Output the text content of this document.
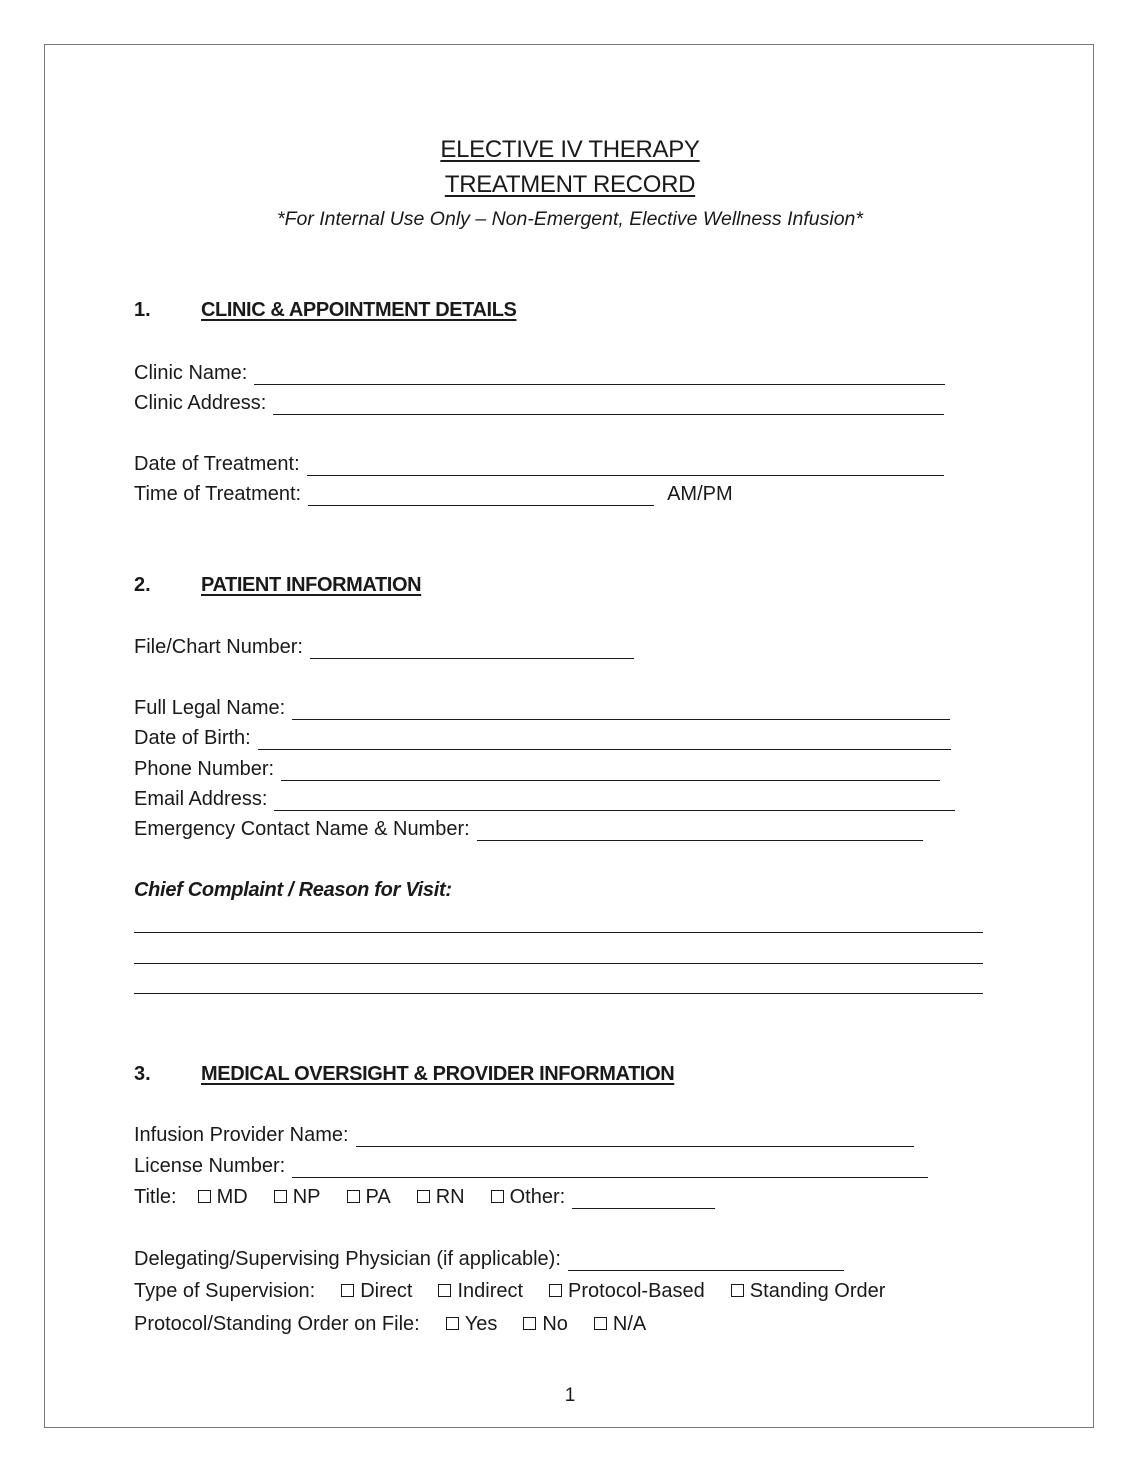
ELECTIVE IV THERAPY
TREATMENT RECORD
*For Internal Use Only – Non-Emergent, Elective Wellness Infusion*
1.	CLINIC & APPOINTMENT DETAILS
Clinic Name:
Clinic Address:
Date of Treatment:
Time of Treatment:	AM/PM
2.	PATIENT INFORMATION
File/Chart Number:
Full Legal Name:
Date of Birth:
Phone Number:
Email Address:
Emergency Contact Name & Number:
Chief Complaint / Reason for Visit:
3.	MEDICAL OVERSIGHT & PROVIDER INFORMATION
Infusion Provider Name:
License Number:
Title: MD NP PA RN Other:
Delegating/Supervising Physician (if applicable):
Type of Supervision: Direct Indirect Protocol-Based Standing Order
Protocol/Standing Order on File: Yes No N/A
1
